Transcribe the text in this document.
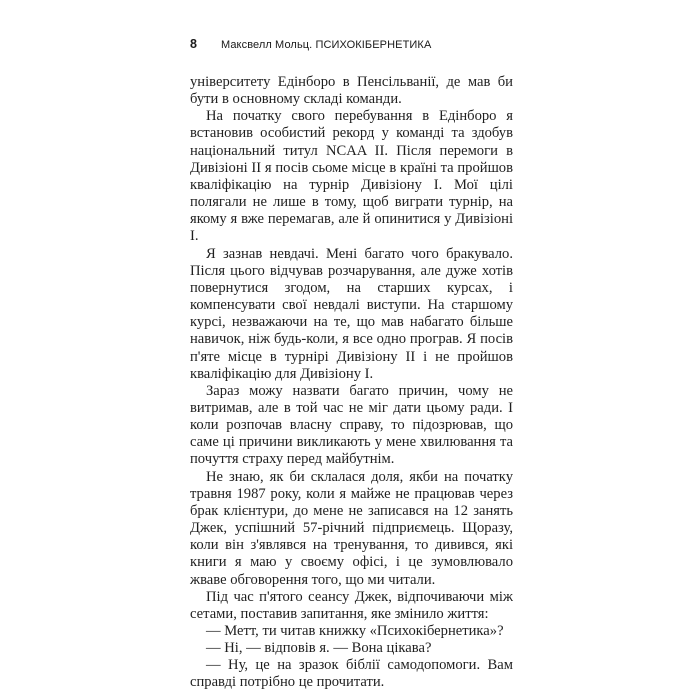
8 Максвелл Мольц. ПСИХОКІБЕРНЕТИКА

університету Едінборо в Пенсільванії, де мав би бути в основному складі команди.

На початку свого перебування в Едінборо я встановив особистий рекорд у команді та здобув національний титул NCAA II. Після перемоги в Дивізіоні II я посів сьоме місце в країні та пройшов кваліфікацію на турнір Дивізіону I. Мої цілі полягали не лише в тому, щоб виграти турнір, на якому я вже перемагав, але й опинитися у Дивізіоні I.

Я зазнав невдачі. Мені багато чого бракувало. Після цього відчував розчарування, але дуже хотів повернутися згодом, на старших курсах, і компенсувати свої невдалі виступи. На старшому курсі, незважаючи на те, що мав набагато більше навичок, ніж будь-коли, я все одно програв. Я посів п'яте місце в турнірі Дивізіону II і не пройшов кваліфікацію для Дивізіону I.

Зараз можу назвати багато причин, чому не витримав, але в той час не міг дати цьому ради. І коли розпочав власну справу, то підозрював, що саме ці причини викликають у мене хвилювання та почуття страху перед майбутнім.

Не знаю, як би склалася доля, якби на початку травня 1987 року, коли я майже не працював через брак клієнтури, до мене не записався на 12 занять Джек, успішний 57-річний підприємець. Щоразу, коли він з'являвся на тренування, то дивився, які книги я маю у своєму офісі, і це зумовлювало жваве обговорення того, що ми читали.

Під час п'ятого сеансу Джек, відпочиваючи між сетами, поставив запитання, яке змінило життя:

— Метт, ти читав книжку «Психокібернетика»?

— Ні, — відповів я. — Вона цікава?

— Ну, це на зразок біблії самодопомоги. Вам справді потрібно це прочитати.
